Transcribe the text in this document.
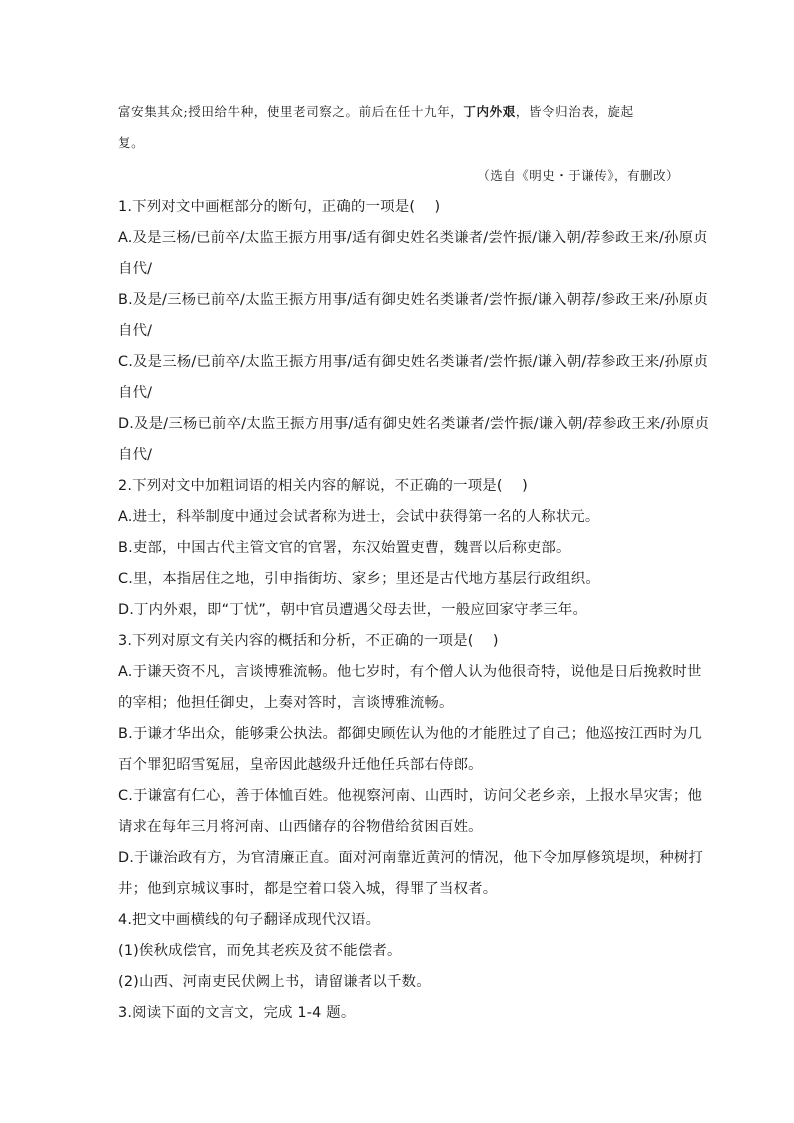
富安集其众;授田给牛种，使里老司察之。前后在任十九年，丁内外艰，皆令归治表，旋起
复。
（选自《明史・于谦传》，有删改）
1.下列对文中画框部分的断句，正确的一项是(　 )
A.及是三杨/已前卒/太监王振方用事/适有御史姓名类谦者/尝忤振/谦入朝/荐参政王来/孙原贞
自代/
B.及是/三杨已前卒/太监王振方用事/适有御史姓名类谦者/尝忤振/谦入朝荐/参政王来/孙原贞
自代/
C.及是三杨/已前卒/太监王振方用事/适有御史姓名类谦者/尝忤振/谦入朝/荐参政王来/孙原贞
自代/
D.及是/三杨已前卒/太监王振方用事/适有御史姓名类谦者/尝忤振/谦入朝/荐参政王来/孙原贞
自代/
2.下列对文中加粗词语的相关内容的解说，不正确的一项是(　 )
A.进士，科举制度中通过会试者称为进士，会试中获得第一名的人称状元。
B.吏部，中国古代主管文官的官署，东汉始置吏曹，魏晋以后称吏部。
C.里，本指居住之地，引申指街坊、家乡；里还是古代地方基层行政组织。
D.丁内外艰，即“丁忧”，朝中官员遭遇父母去世，一般应回家守孝三年。
3.下列对原文有关内容的概括和分析，不正确的一项是(　 )
A.于谦天资不凡，言谈博雅流畅。他七岁时，有个僧人认为他很奇特，说他是日后挽救时世
的宰相；他担任御史，上奏对答时，言谈博雅流畅。
B.于谦才华出众，能够秉公执法。都御史顾佐认为他的才能胜过了自己；他巡按江西时为几
百个罪犯昭雪冤屈，皇帝因此越级升迁他任兵部右侍郎。
C.于谦富有仁心，善于体恤百姓。他视察河南、山西时，访问父老乡亲，上报水旱灾害；他
请求在每年三月将河南、山西储存的谷物借给贫困百姓。
D.于谦治政有方，为官清廉正直。面对河南靠近黄河的情况，他下令加厚修筑堤坝，种树打
井；他到京城议事时，都是空着口袋入城，得罪了当权者。
4.把文中画横线的句子翻译成现代汉语。
(1)俟秋成偿官，而免其老疾及贫不能偿者。
(2)山西、河南吏民伏阙上书，请留谦者以千数。
3.阅读下面的文言文，完成 1-4 题。
